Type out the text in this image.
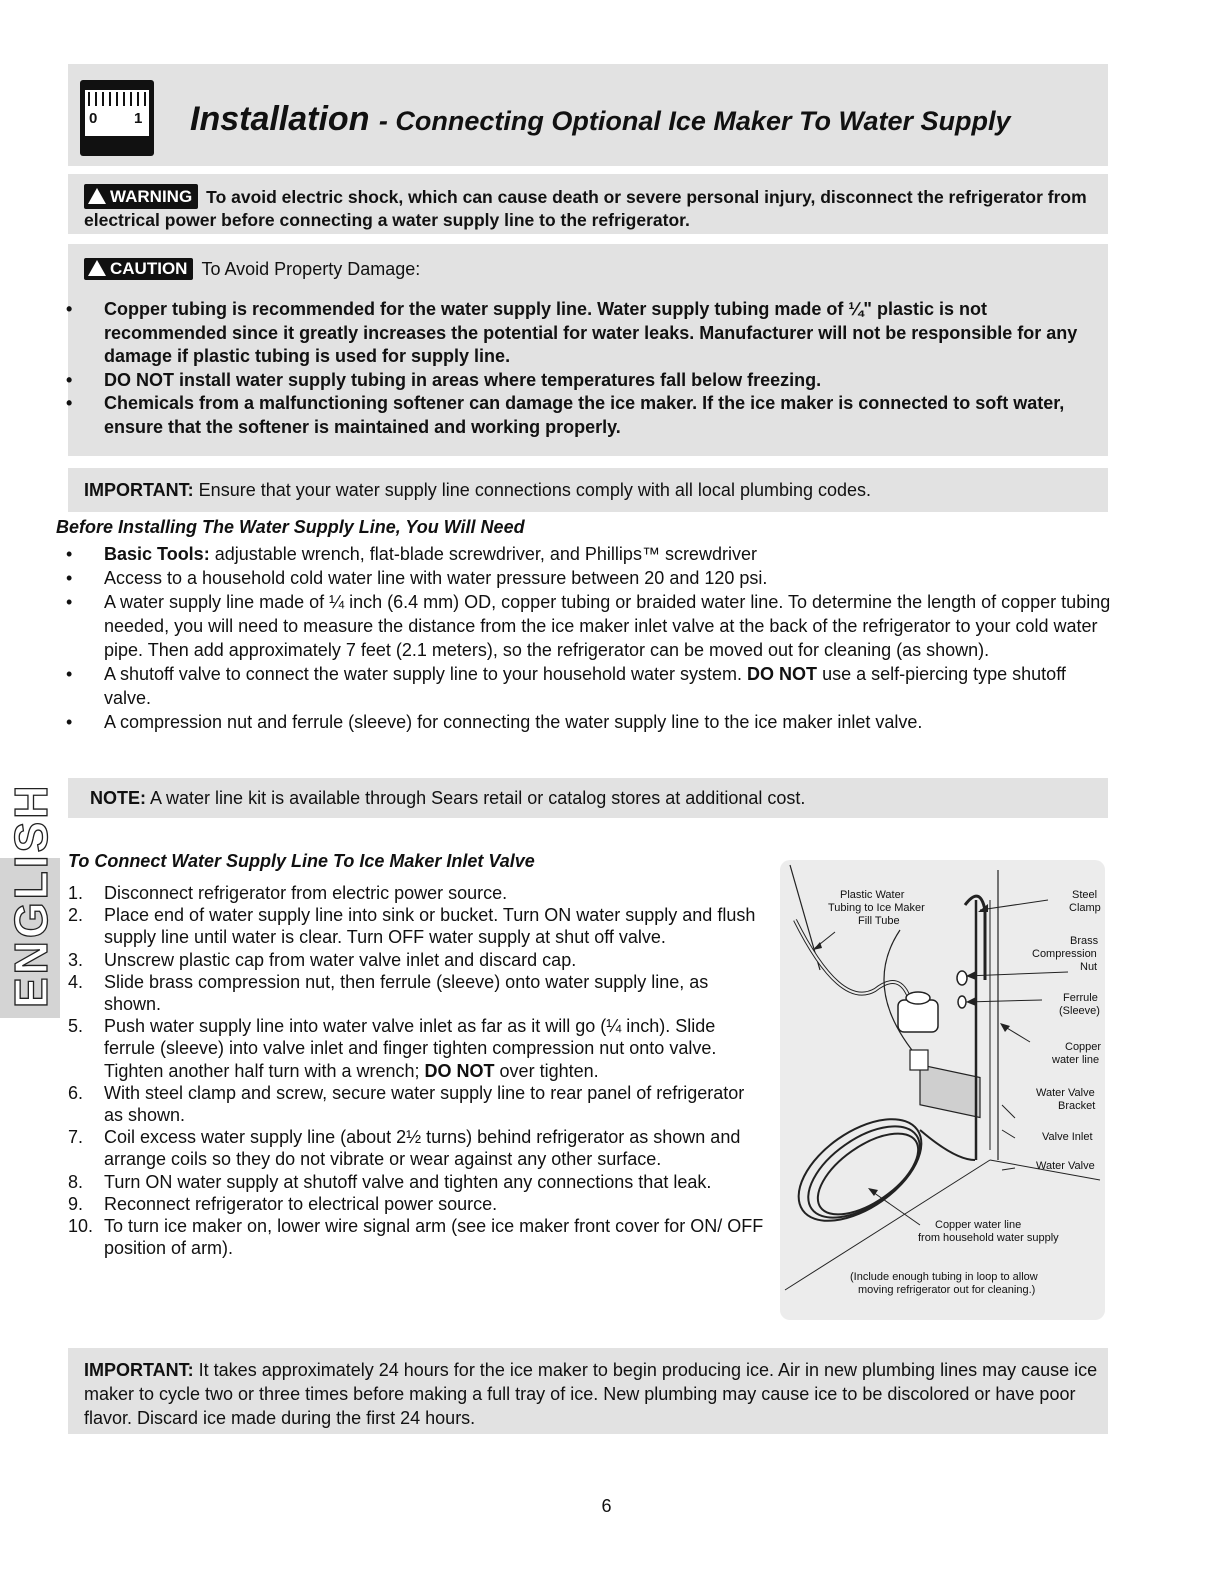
0 1 Installation - Connecting Optional Ice Maker To Water Supply
WARNING To avoid electric shock, which can cause death or severe personal injury, disconnect the refrigerator from electrical power before connecting a water supply line to the refrigerator.
CAUTION To Avoid Property Damage:
• Copper tubing is recommended for the water supply line. Water supply tubing made of ¼" plastic is not recommended since it greatly increases the potential for water leaks. Manufacturer will not be responsible for any damage if plastic tubing is used for supply line.
• DO NOT install water supply tubing in areas where temperatures fall below freezing.
• Chemicals from a malfunctioning softener can damage the ice maker. If the ice maker is connected to soft water, ensure that the softener is maintained and working properly.
IMPORTANT: Ensure that your water supply line connections comply with all local plumbing codes.
Before Installing The Water Supply Line, You Will Need
• Basic Tools: adjustable wrench, flat-blade screwdriver, and Phillips™ screwdriver
• Access to a household cold water line with water pressure between 20 and 120 psi.
• A water supply line made of ¼ inch (6.4 mm) OD, copper tubing or braided water line. To determine the length of copper tubing needed, you will need to measure the distance from the ice maker inlet valve at the back of the refrigerator to your cold water pipe. Then add approximately 7 feet (2.1 meters), so the refrigerator can be moved out for cleaning (as shown).
• A shutoff valve to connect the water supply line to your household water system. DO NOT use a self-piercing type shutoff valve.
• A compression nut and ferrule (sleeve) for connecting the water supply line to the ice maker inlet valve.
NOTE: A water line kit is available through Sears retail or catalog stores at additional cost.
ENGLISH To Connect Water Supply Line To Ice Maker Inlet Valve
1. Disconnect refrigerator from electric power source.
2. Place end of water supply line into sink or bucket. Turn ON water supply and flush supply line until water is clear. Turn OFF water supply at shut off valve.
3. Unscrew plastic cap from water valve inlet and discard cap.
4. Slide brass compression nut, then ferrule (sleeve) onto water supply line, as shown.
5. Push water supply line into water valve inlet as far as it will go (¼ inch). Slide ferrule (sleeve) into valve inlet and finger tighten compression nut onto valve. Tighten another half turn with a wrench; DO NOT over tighten.
6. With steel clamp and screw, secure water supply line to rear panel of refrigerator as shown.
7. Coil excess water supply line (about 2½ turns) behind refrigerator as shown and arrange coils so they do not vibrate or wear against any other surface.
8. Turn ON water supply at shutoff valve and tighten any connections that leak.
9. Reconnect refrigerator to electrical power source.
10. To turn ice maker on, lower wire signal arm (see ice maker front cover for ON/ OFF position of arm).
Plastic Water
Tubing to Ice Maker
Fill Tube
Steel
Clamp
Brass
Compression
Nut
Ferrule
(Sleeve)
Copper
water line
Water Valve
Bracket
Valve Inlet
Water Valve
Copper water line
from household water supply
(Include enough tubing in loop to allow
moving refrigerator out for cleaning.)
IMPORTANT: It takes approximately 24 hours for the ice maker to begin producing ice. Air in new plumbing lines may cause ice maker to cycle two or three times before making a full tray of ice. New plumbing may cause ice to be discolored or have poor flavor. Discard ice made during the first 24 hours.
6
